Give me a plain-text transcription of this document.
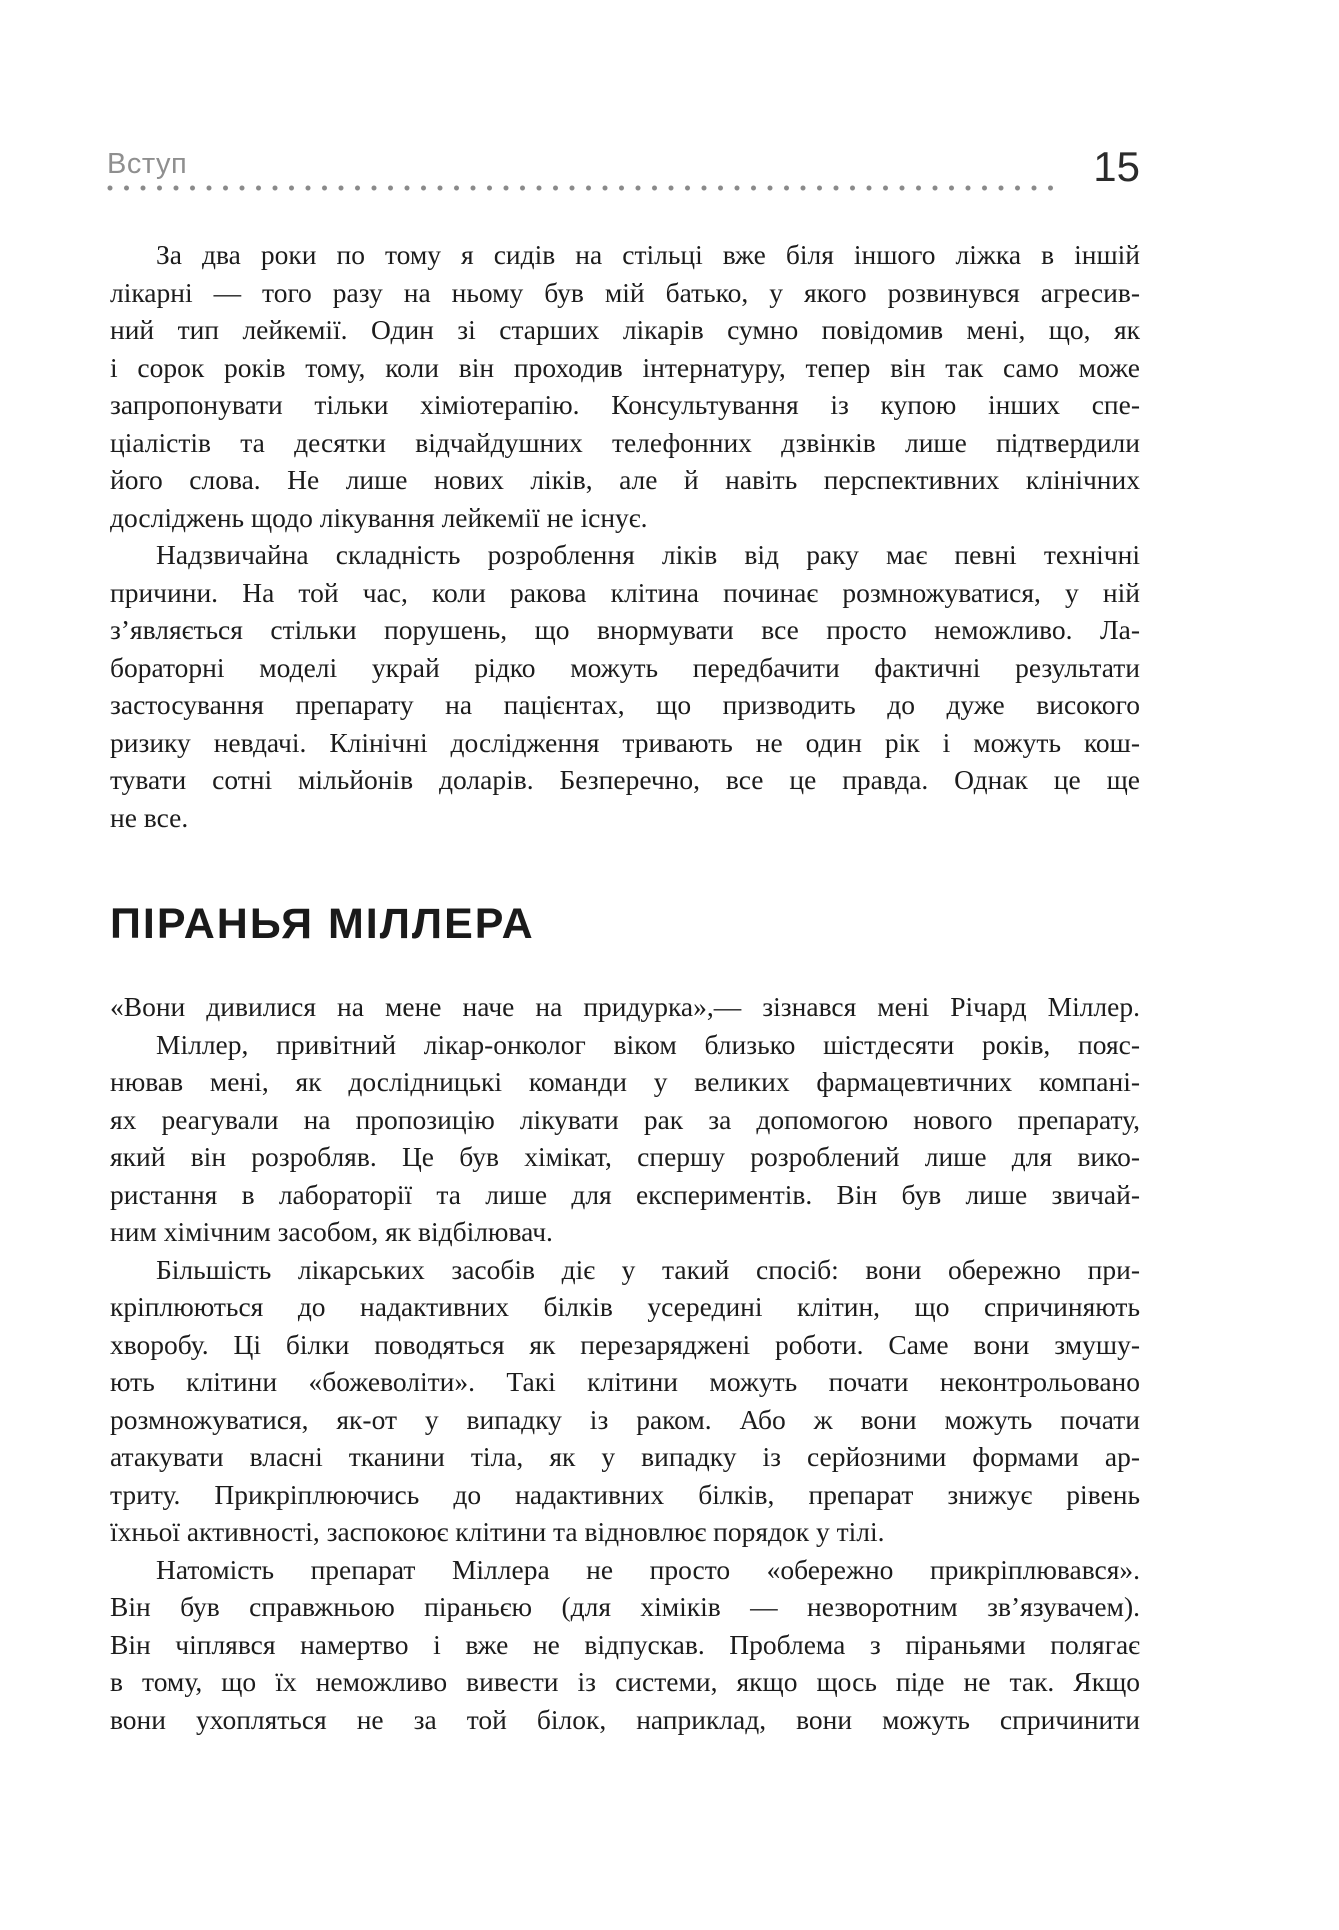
Вступ	15
За два роки по тому я сидів на стільці вже біля іншого ліжка в іншій
лікарні — того разу на ньому був мій батько, у якого розвинувся агресив-
ний тип лейкемії. Один зі старших лікарів сумно повідомив мені, що, як
і сорок років тому, коли він проходив інтернатуру, тепер він так само може
запропонувати тільки хіміотерапію. Консультування із купою інших спе-
ціалістів та десятки відчайдушних телефонних дзвінків лише підтвердили
його слова. Не лише нових ліків, але й навіть перспективних клінічних
досліджень щодо лікування лейкемії не існує.
Надзвичайна складність розроблення ліків від раку має певні технічні
причини. На той час, коли ракова клітина починає розмножуватися, у ній
з’являється стільки порушень, що внормувати все просто неможливо. Ла-
бораторні моделі украй рідко можуть передбачити фактичні результати
застосування препарату на пацієнтах, що призводить до дуже високого
ризику невдачі. Клінічні дослідження тривають не один рік і можуть кош-
тувати сотні мільйонів доларів. Безперечно, все це правда. Однак це ще
не все.
ПІРАНЬЯ МІЛЛЕРА
«Вони дивилися на мене наче на придурка»,— зізнався мені Річард Міллер.
Міллер, привітний лікар-онколог віком близько шістдесяти років, пояс-
нював мені, як дослідницькі команди у великих фармацевтичних компані-
ях реагували на пропозицію лікувати рак за допомогою нового препарату,
який він розробляв. Це був хімікат, спершу розроблений лише для вико-
ристання в лабораторії та лише для експериментів. Він був лише звичай-
ним хімічним засобом, як відбілювач.
Більшість лікарських засобів діє у такий спосіб: вони обережно при-
кріплюються до надактивних білків усередині клітин, що спричиняють
хворобу. Ці білки поводяться як перезаряджені роботи. Саме вони змушу-
ють клітини «божеволіти». Такі клітини можуть почати неконтрольовано
розмножуватися, як-от у випадку із раком. Або ж вони можуть почати
атакувати власні тканини тіла, як у випадку із серйозними формами ар-
триту. Прикріплюючись до надактивних білків, препарат знижує рівень
їхньої активності, заспокоює клітини та відновлює порядок у тілі.
Натомість препарат Міллера не просто «обережно прикріплювався».
Він був справжньою піраньєю (для хіміків — незворотним зв’язувачем).
Він чіплявся намертво і вже не відпускав. Проблема з піраньями полягає
в тому, що їх неможливо вивести із системи, якщо щось піде не так. Якщо
вони ухопляться не за той білок, наприклад, вони можуть спричинити
